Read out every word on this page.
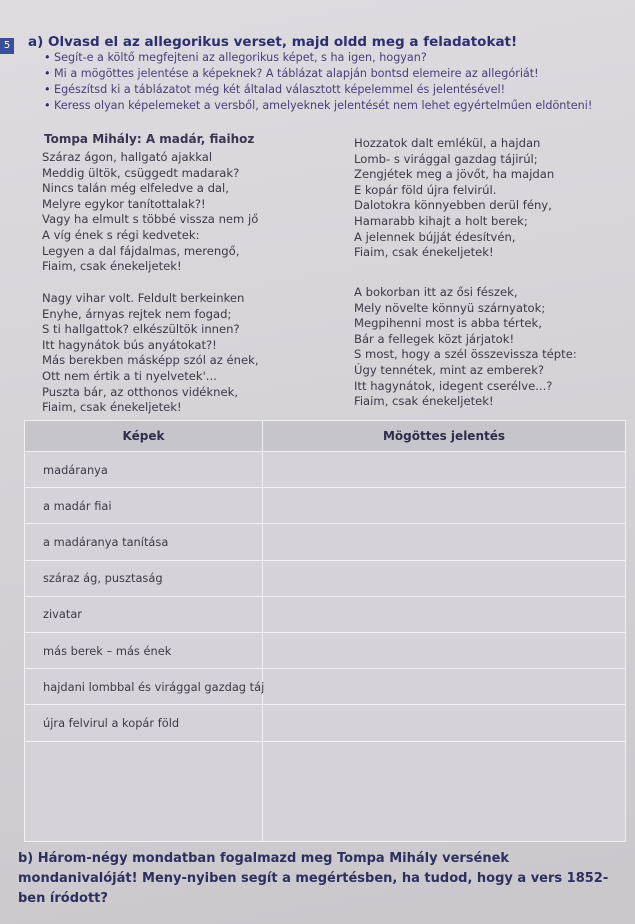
5 a) Olvasd el az allegorikus verset, majd oldd meg a feladatokat!

• Segít-e a költő megfejteni az allegorikus képet, s ha igen, hogyan?
• Mi a mögöttes jelentése a képeknek? A táblázat alapján bontsd elemeire az allegóriát!
• Egészítsd ki a táblázatot még két általad választott képelemmel és jelentésével!
• Keress olyan képelemeket a versből, amelyeknek jelentését nem lehet egyértelműen eldönteni!
Tompa Mihály: A madár, fiaihoz
Száraz ágon, hallgató ajakkal
Meddig ültök, csüggedt madarak?
Nincs talán még elfeledve a dal,
Melyre egykor tanítottalak?!
Vagy ha elmult s többé vissza nem jő
A víg ének s régi kedvetek:
Legyen a dal fájdalmas, merengő,
Fiaim, csak énekeljetek!
Hozzatok dalt emlékül, a hajdan
Lomb- s virággal gazdag tájirúl;
Zengjétek meg a jövőt, ha majdan
E kopár föld újra felvirúl.
Dalotokra könnyebben derül fény,
Hamarabb kihajt a holt berek;
A jelennek bújját édesítvén,
Fiaim, csak énekeljetek!
Nagy vihar volt. Feldult berkeinken
Enyhe, árnyas rejtek nem fogad;
S ti hallgattok? elkészültök innen?
Itt hagynátok bús anyátokat?!
Más berekben másképp szól az ének,
Ott nem értik a ti nyelvetek'...
Puszta bár, az otthonos vidéknek,
Fiaim, csak énekeljetek!
A bokorban itt az ősi fészek,
Mely növelte könnyü szárnyatok;
Megpihenni most is abba tértek,
Bár a fellegek közt járjatok!
S most, hogy a szél összevissza tépte:
Úgy tennétek, mint az emberek?
Itt hagynátok, idegent cserélve...?
Fiaim, csak énekeljetek!
Képek	Mögöttes jelentés
madáranya	
a madár fiai	
a madáranya tanítása	
száraz ág, pusztaság	
zivatar	
más berek – más ének	
hajdani lombbal és virággal gazdag táj	
újra felvirul a kopár föld	

b) Három-négy mondatban fogalmazd meg Tompa Mihály versének mondanivalóját! Meny-nyiben segít a megértésben, ha tudod, hogy a vers 1852-ben íródott?
